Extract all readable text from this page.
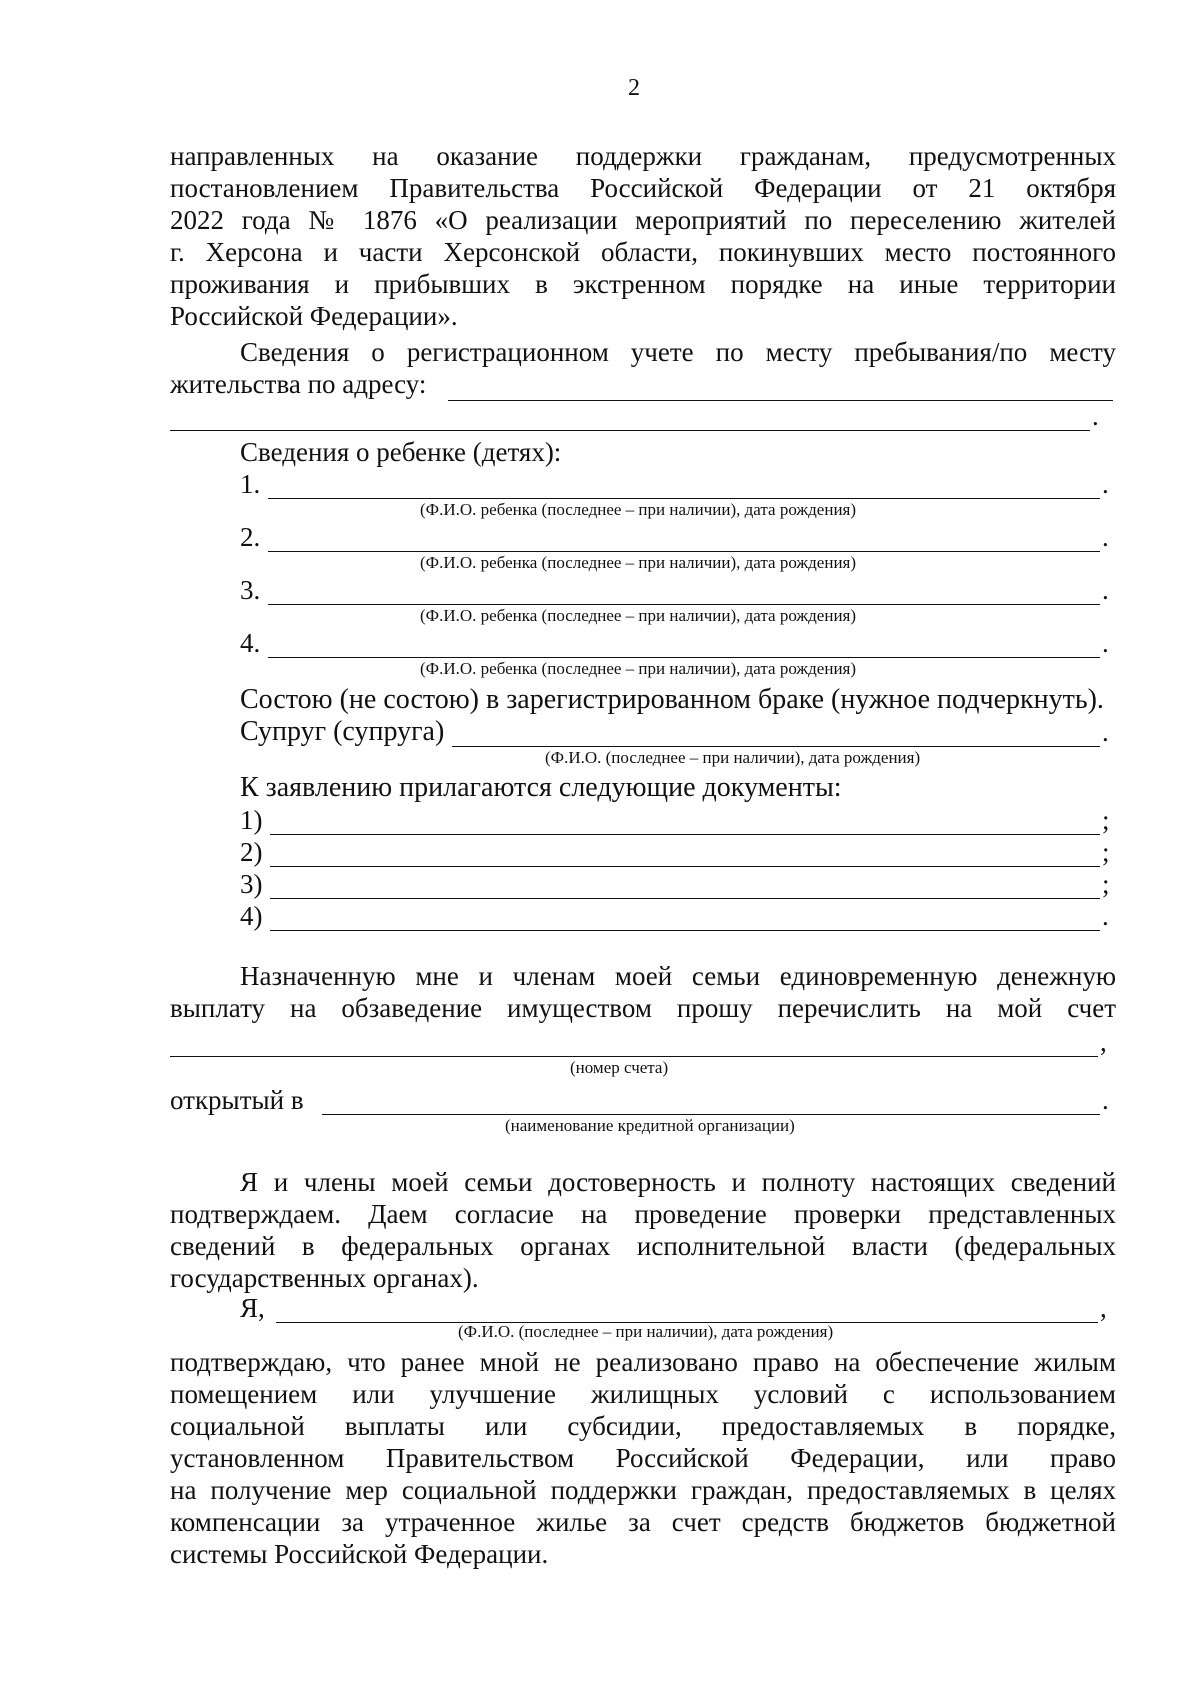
2
направленных на оказание поддержки гражданам, предусмотренных
постановлением Правительства Российской Федерации от 21 октября
2022 года № 1876 «О реализации мероприятий по переселению жителей
г. Херсона и части Херсонской области, покинувших место постоянного
проживания и прибывших в экстренном порядке на иные территории
Российской Федерации».
Сведения о регистрационном учете по месту пребывания/по месту
жительства по адресу:
.
Сведения о ребенке (детях):
1.	.
(Ф.И.О. ребенка (последнее – при наличии), дата рождения)
2.	.
(Ф.И.О. ребенка (последнее – при наличии), дата рождения)
3.	.
(Ф.И.О. ребенка (последнее – при наличии), дата рождения)
4.	.
(Ф.И.О. ребенка (последнее – при наличии), дата рождения)
Состою (не состою) в зарегистрированном браке (нужное подчеркнуть).
Супруг (супруга)	.
(Ф.И.О. (последнее – при наличии), дата рождения)
К заявлению прилагаются следующие документы:
1)	;
2)	;
3)	;
4)	.
Назначенную мне и членам моей семьи единовременную денежную
выплату на обзаведение имуществом прошу перечислить на мой счет
,
(номер счета)
открытый в	.
(наименование кредитной организации)
Я и члены моей семьи достоверность и полноту настоящих сведений
подтверждаем. Даем согласие на проведение проверки представленных
сведений в федеральных органах исполнительной власти (федеральных
государственных органах).
Я,	,
(Ф.И.О. (последнее – при наличии), дата рождения)
подтверждаю, что ранее мной не реализовано право на обеспечение жилым
помещением или улучшение жилищных условий с использованием
социальной выплаты или субсидии, предоставляемых в порядке,
установленном Правительством Российской Федерации, или право
на получение мер социальной поддержки граждан, предоставляемых в целях
компенсации за утраченное жилье за счет средств бюджетов бюджетной
системы Российской Федерации.
